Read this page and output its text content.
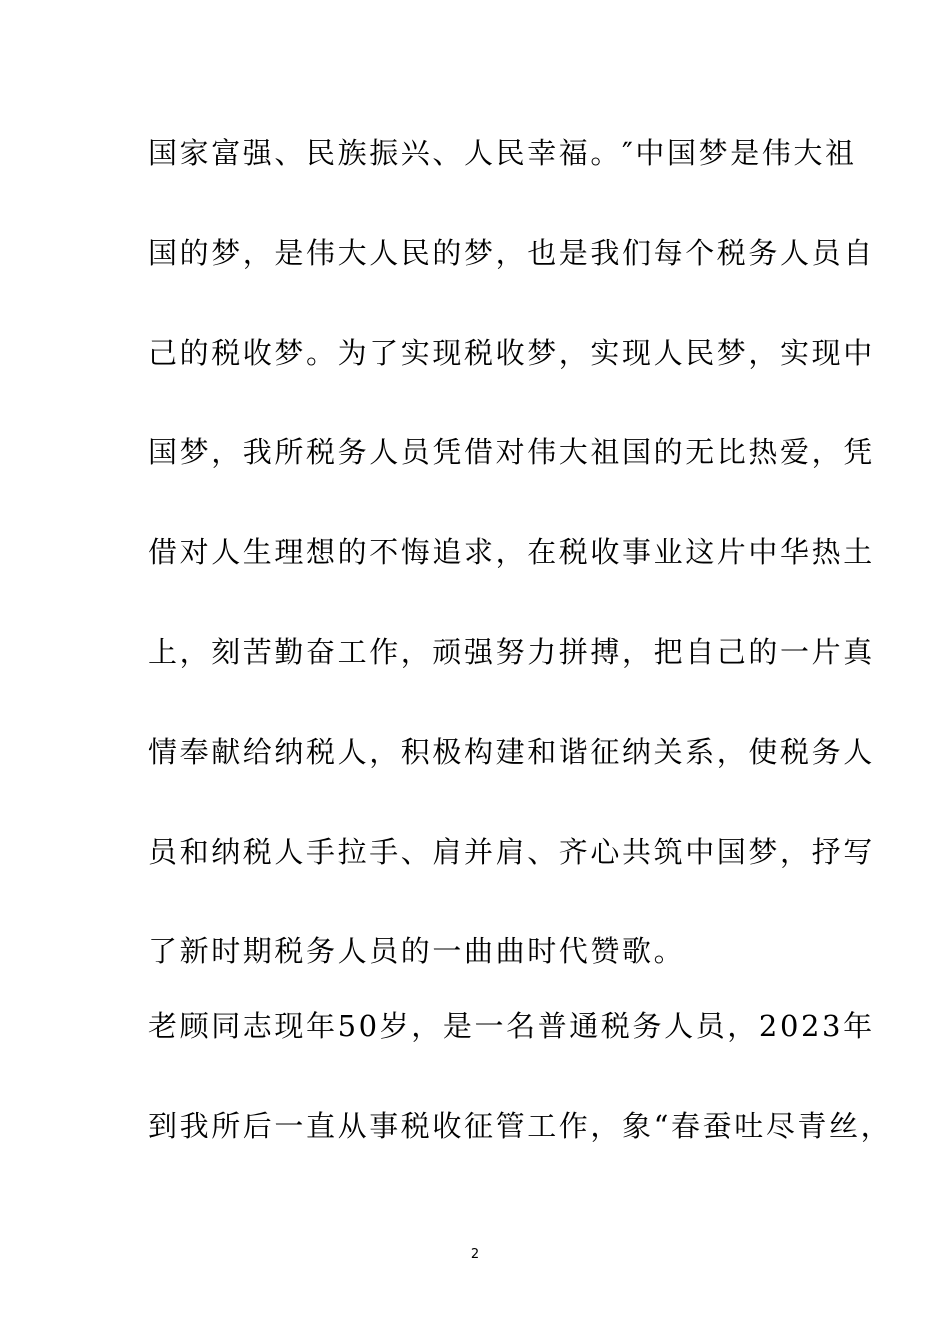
国家富强、民族振兴、人民幸福。″中国梦是伟大祖
国的梦，是伟大人民的梦，也是我们每个税务人员自
己的税收梦。为了实现税收梦，实现人民梦，实现中
国梦，我所税务人员凭借对伟大祖国的无比热爱，凭
借对人生理想的不悔追求，在税收事业这片中华热土
上，刻苦勤奋工作，顽强努力拼搏，把自己的一片真
情奉献给纳税人，积极构建和谐征纳关系，使税务人
员和纳税人手拉手、肩并肩、齐心共筑中国梦，抒写
了新时期税务人员的一曲曲时代赞歌。
老顾同志现年50岁，是一名普通税务人员，2023年
到我所后一直从事税收征管工作，象“春蚕吐尽青丝，
2
